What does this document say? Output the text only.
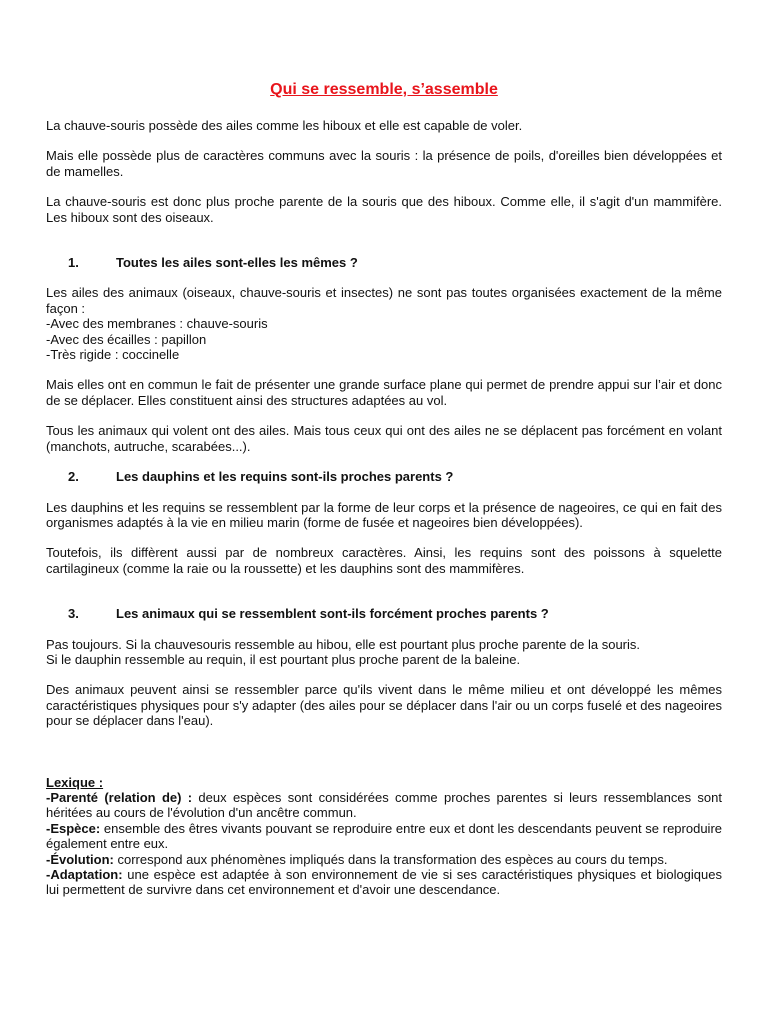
Qui se ressemble, s’assemble

La chauve-souris possède des ailes comme les hiboux et elle est capable de voler.

Mais elle possède plus de caractères communs avec la souris : la présence de poils, d'oreilles bien développées et de mamelles.

La chauve-souris est donc plus proche parente de la souris que des hiboux. Comme elle, il s'agit d'un mammifère. Les hiboux sont des oiseaux.

1.	Toutes les ailes sont-elles les mêmes ?

Les ailes des animaux (oiseaux, chauve-souris et insectes) ne sont pas toutes organisées exactement de la même façon :
-Avec des membranes : chauve-souris
-Avec des écailles : papillon
-Très rigide : coccinelle

Mais elles ont en commun le fait de présenter une grande surface plane qui permet de prendre appui sur l’air et donc de se déplacer. Elles constituent ainsi des structures adaptées au vol.

Tous les animaux qui volent ont des ailes. Mais tous ceux qui ont des ailes ne se déplacent pas forcément en volant (manchots, autruche, scarabées...).

2.	Les dauphins et les requins sont-ils proches parents ?

Les dauphins et les requins se ressemblent par la forme de leur corps et la présence de nageoires, ce qui en fait des organismes adaptés à la vie en milieu marin (forme de fusée et nageoires bien développées).

Toutefois, ils diffèrent aussi par de nombreux caractères. Ainsi, les requins sont des poissons à squelette cartilagineux (comme la raie ou la roussette) et les dauphins sont des mammifères.

3.	Les animaux qui se ressemblent sont-ils forcément proches parents ?

Pas toujours. Si la chauvesouris ressemble au hibou, elle est pourtant plus proche parente de la souris.
Si le dauphin ressemble au requin, il est pourtant plus proche parent de la baleine.

Des animaux peuvent ainsi se ressembler parce qu'ils vivent dans le même milieu et ont développé les mêmes caractéristiques physiques pour s'y adapter (des ailes pour se déplacer dans l'air ou un corps fuselé et des nageoires pour se déplacer dans l'eau).

Lexique :

-Parenté (relation de) : deux espèces sont considérées comme proches parentes si leurs ressemblances sont héritées au cours de l'évolution d'un ancêtre commun.

-Espèce: ensemble des êtres vivants pouvant se reproduire entre eux et dont les descendants peuvent se reproduire également entre eux.

-Évolution: correspond aux phénomènes impliqués dans la transformation des espèces au cours du temps.

-Adaptation: une espèce est adaptée à son environnement de vie si ses caractéristiques physiques et biologiques lui permettent de survivre dans cet environnement et d'avoir une descendance.
